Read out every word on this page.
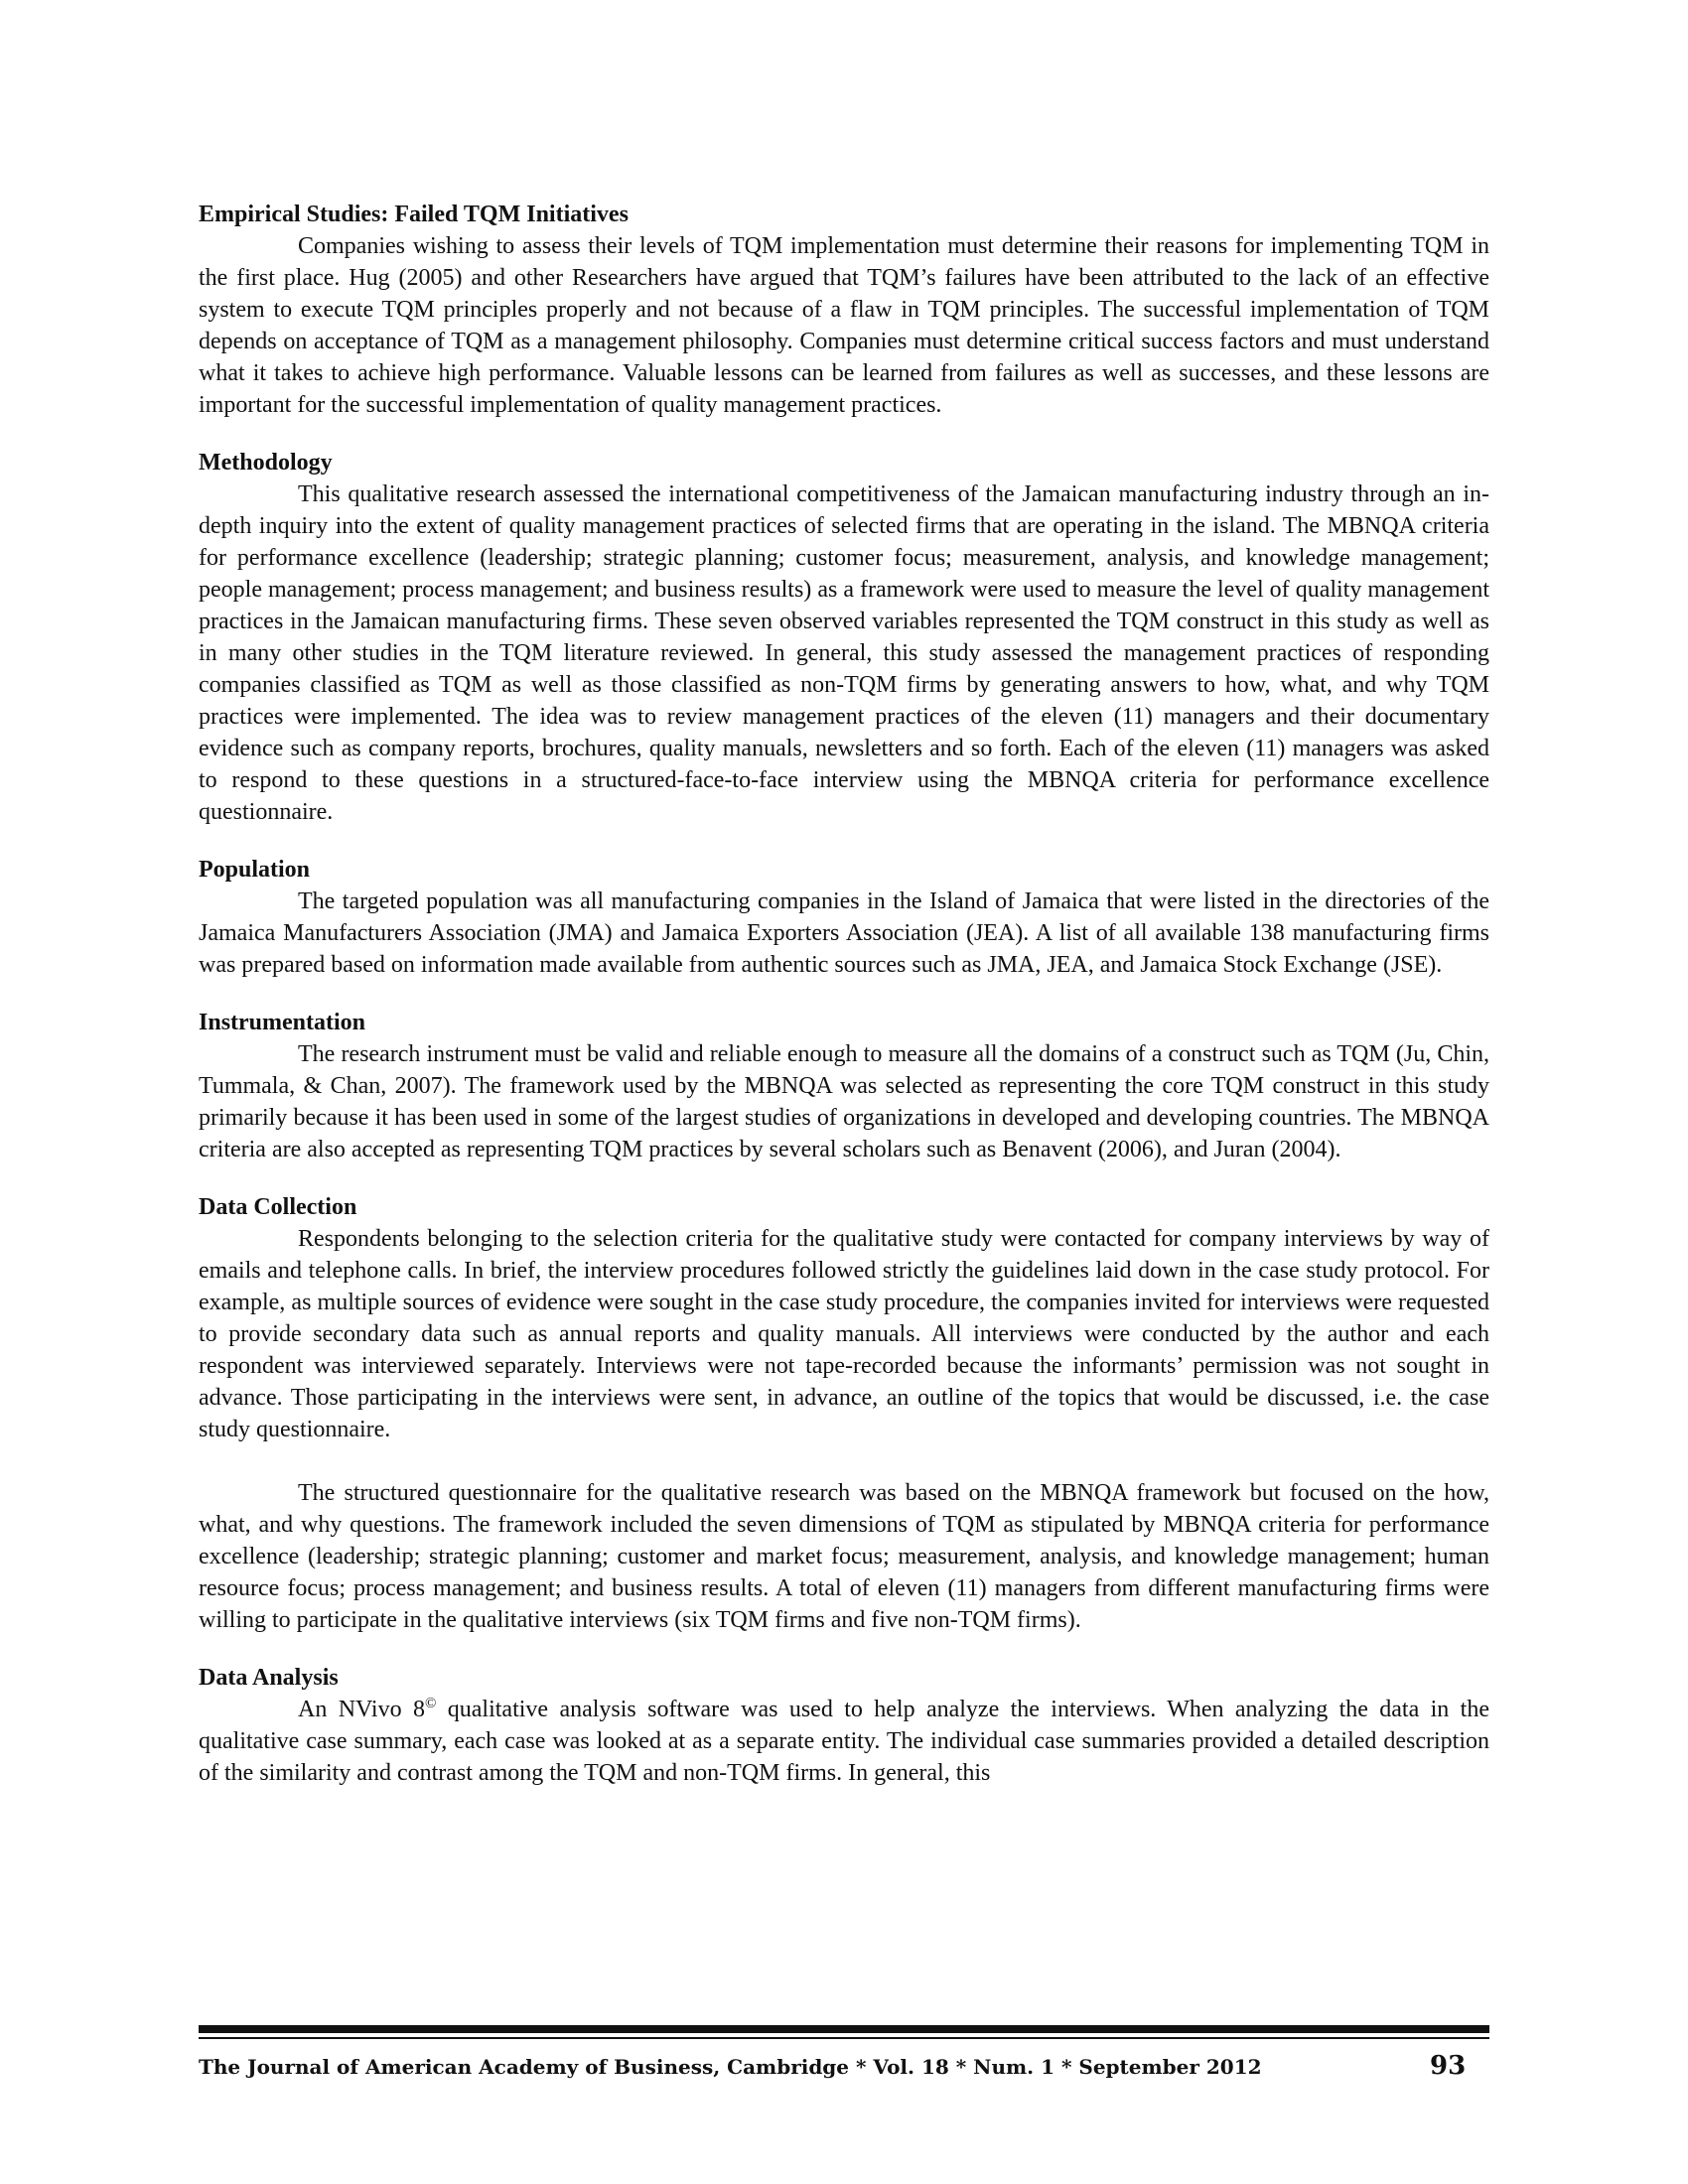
Empirical Studies: Failed TQM Initiatives

Companies wishing to assess their levels of TQM implementation must determine their reasons for implementing TQM in the first place. Hug (2005) and other Researchers have argued that TQM’s failures have been attributed to the lack of an effective system to execute TQM principles properly and not because of a flaw in TQM principles. The successful implementation of TQM depends on acceptance of TQM as a management philosophy. Companies must determine critical success factors and must understand what it takes to achieve high performance. Valuable lessons can be learned from failures as well as successes, and these lessons are important for the successful implementation of quality management practices.

Methodology

This qualitative research assessed the international competitiveness of the Jamaican manufacturing industry through an in-depth inquiry into the extent of quality management practices of selected firms that are operating in the island. The MBNQA criteria for performance excellence (leadership; strategic planning; customer focus; measurement, analysis, and knowledge management; people management; process management; and business results) as a framework were used to measure the level of quality management practices in the Jamaican manufacturing firms. These seven observed variables represented the TQM construct in this study as well as in many other studies in the TQM literature reviewed. In general, this study assessed the management practices of responding companies classified as TQM as well as those classified as non-TQM firms by generating answers to how, what, and why TQM practices were implemented. The idea was to review management practices of the eleven (11) managers and their documentary evidence such as company reports, brochures, quality manuals, newsletters and so forth. Each of the eleven (11) managers was asked to respond to these questions in a structured-face-to-face interview using the MBNQA criteria for performance excellence questionnaire.

Population

The targeted population was all manufacturing companies in the Island of Jamaica that were listed in the directories of the Jamaica Manufacturers Association (JMA) and Jamaica Exporters Association (JEA). A list of all available 138 manufacturing firms was prepared based on information made available from authentic sources such as JMA, JEA, and Jamaica Stock Exchange (JSE).

Instrumentation

The research instrument must be valid and reliable enough to measure all the domains of a construct such as TQM (Ju, Chin, Tummala, & Chan, 2007). The framework used by the MBNQA was selected as representing the core TQM construct in this study primarily because it has been used in some of the largest studies of organizations in developed and developing countries. The MBNQA criteria are also accepted as representing TQM practices by several scholars such as Benavent (2006), and Juran (2004).

Data Collection

Respondents belonging to the selection criteria for the qualitative study were contacted for company interviews by way of emails and telephone calls. In brief, the interview procedures followed strictly the guidelines laid down in the case study protocol. For example, as multiple sources of evidence were sought in the case study procedure, the companies invited for interviews were requested to provide secondary data such as annual reports and quality manuals. All interviews were conducted by the author and each respondent was interviewed separately. Interviews were not tape-recorded because the informants’ permission was not sought in advance. Those participating in the interviews were sent, in advance, an outline of the topics that would be discussed, i.e. the case study questionnaire.

The structured questionnaire for the qualitative research was based on the MBNQA framework but focused on the how, what, and why questions. The framework included the seven dimensions of TQM as stipulated by MBNQA criteria for performance excellence (leadership; strategic planning; customer and market focus; measurement, analysis, and knowledge management; human resource focus; process management; and business results. A total of eleven (11) managers from different manufacturing firms were willing to participate in the qualitative interviews (six TQM firms and five non-TQM firms).

Data Analysis

An NVivo 8© qualitative analysis software was used to help analyze the interviews. When analyzing the data in the qualitative case summary, each case was looked at as a separate entity. The individual case summaries provided a detailed description of the similarity and contrast among the TQM and non-TQM firms. In general, this

The Journal of American Academy of Business, Cambridge * Vol. 18 * Num. 1 * September 2012	93
